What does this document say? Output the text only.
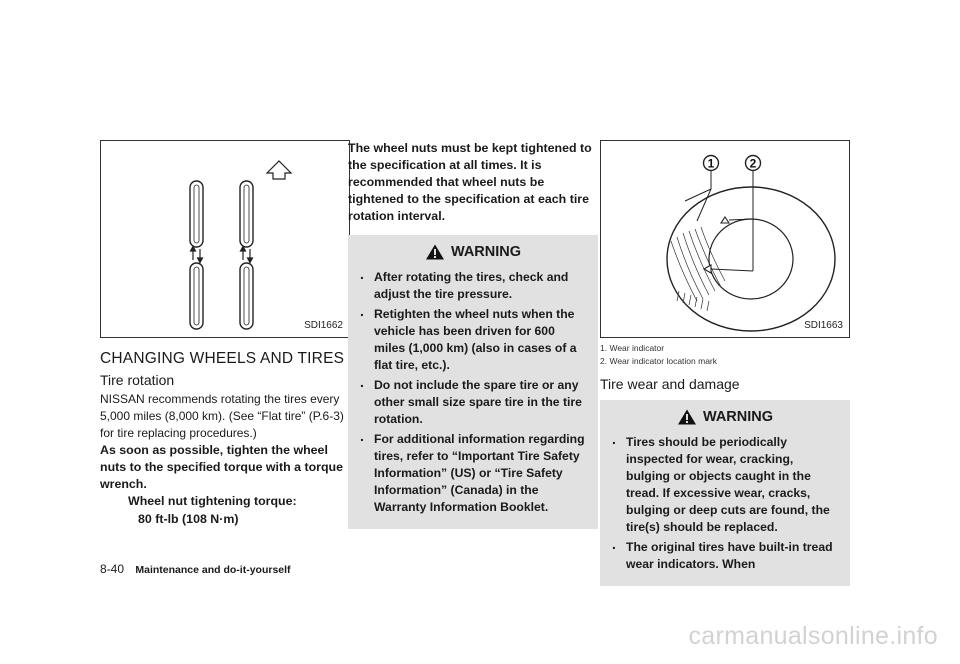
SDI1662
CHANGING WHEELS AND TIRES
Tire rotation

NISSAN recommends rotating the tires every 5,000 miles (8,000 km). (See “Flat tire” (P.6-3) for tire replacing procedures.)

As soon as possible, tighten the wheel nuts to the specified torque with a torque wrench.

Wheel nut tightening torque:
80 ft-lb (108 N·m)

The wheel nuts must be kept tightened to the specification at all times. It is recommended that wheel nuts be tightened to the specification at each tire rotation interval.

WARNING
. After rotating the tires, check and adjust the tire pressure.
. Retighten the wheel nuts when the vehicle has been driven for 600 miles (1,000 km) (also in cases of a flat tire, etc.).
. Do not include the spare tire or any other small size spare tire in the tire rotation.
. For additional information regarding tires, refer to “Important Tire Safety Information” (US) or “Tire Safety Information” (Canada) in the Warranty Information Booklet.
1	2
SDI1663
1. Wear indicator
2. Wear indicator location mark
Tire wear and damage
WARNING
. Tires should be periodically inspected for wear, cracking, bulging or objects caught in the tread. If excessive wear, cracks, bulging or deep cuts are found, the tire(s) should be replaced.
. The original tires have built-in tread wear indicators. When
8-40 Maintenance and do-it-yourself
carmanualsonline.info
